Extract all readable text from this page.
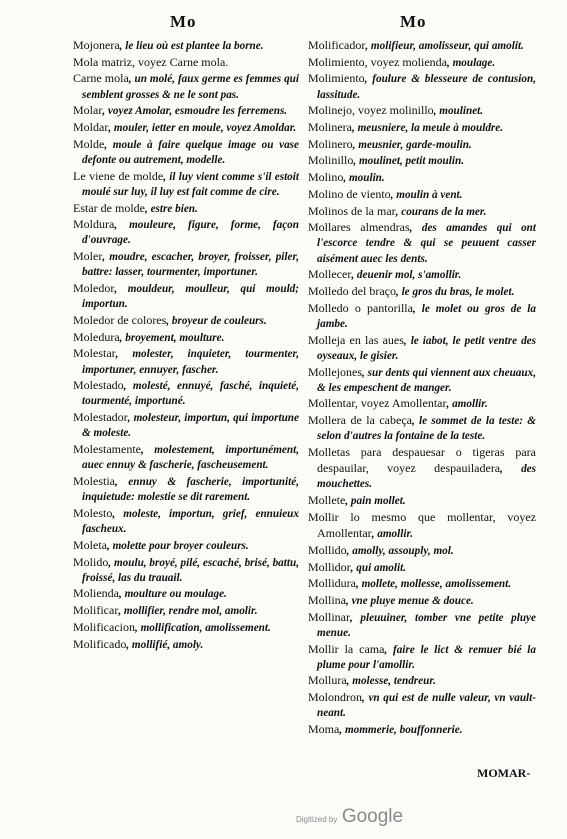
Mo	Mo

Mojonera, le lieu où est plantee la borne.

Mola matriz, voyez Carne mola.

Carne mola, un molé, faux germe es femmes qui semblent grosses & ne le sont pas.

Molar, voyez Amolar, esmoudre les ferremens.

Moldar, mouler, ietter en moule, voyez Amoldar.

Molde, moule à faire quelque image ou vase defonte ou autrement, modelle.

Le viene de molde, il luy vient comme s'il estoit moulé sur luy, il luy est fait comme de cire.

Estar de molde, estre bien.

Moldura, mouleure, figure, forme, façon d'ouvrage.

Moler, moudre, escacher, broyer, froisser, piler, battre: lasser, tourmenter, importuner.

Moledor, mouldeur, moulleur, qui mould; importun.

Moledor de colores, broyeur de couleurs.

Moledura, broyement, moulture.

Molestar, molester, inquieter, tourmenter, importuner, ennuyer, fascher.

Molestado, molesté, ennuyé, fasché, inquieté, tourmenté, importuné.

Molestador, molesteur, importun, qui importune & moleste.

Molestamente, molestement, importunément, auec ennuy & fascherie, fascheusement.

Molestia, ennuy & fascherie, importunité, inquietude: molestie se dit rarement.

Molesto, moleste, importun, grief, ennuieux fascheux.

Moleta, molette pour broyer couleurs.

Molido, moulu, broyé, pilé, escaché, brisé, battu, froissé, las du trauail.

Molienda, moulture ou moulage.

Molificar, mollifier, rendre mol, amolir.

Molificacion, mollification, amolissement.

Molificado, mollifié, amoly.

Molificador, molifieur, amolisseur, qui amolit.

Molimiento, voyez molienda, moulage.

Molimiento, foulure & blesseure de contusion, lassitude.

Molinejo, voyez molinillo, moulinet.

Molinera, meusniere, la meule à mouldre.

Molinero, meusnier, garde-moulin.

Molinillo, moulinet, petit moulin.

Molino, moulin.

Molino de viento, moulin à vent.

Molinos de la mar, courans de la mer.

Mollares almendras, des amandes qui ont l'escorce tendre & qui se peuuent casser aisément auec les dents.

Mollecer, deuenir mol, s'amollir.

Molledo del braço, le gros du bras, le molet.

Molledo o pantorilla, le molet ou gros de la jambe.

Molleja en las aues, le iabot, le petit ventre des oyseaux, le gisier.

Mollejones, sur dents qui viennent aux cheuaux, & les empeschent de manger.

Mollentar, voyez Amollentar, amollir.

Mollera de la cabeça, le sommet de la teste: & selon d'autres la fontaine de la teste.

Molletas para despauesar o tigeras para despauilar, voyez despauiladera, des mouchettes.

Mollete, pain mollet.

Mollir lo mesmo que mollentar, voyez Amollentar, amollir.

Mollido, amolly, assouply, mol.

Mollidor, qui amolit.

Mollidura, mollete, mollesse, amolissement.

Mollina, vne pluye menue & douce.

Mollinar, pleuuiner, tomber vne petite pluye menue.

Mollir la cama, faire le lict & remuer bié la plume pour l'amollir.

Mollura, molesse, tendreur.

Molondron, vn qui est de nulle valeur, vn vault-neant.

Moma, mommerie, bouffonnerie.

MOMAR-
Digitized by Google
